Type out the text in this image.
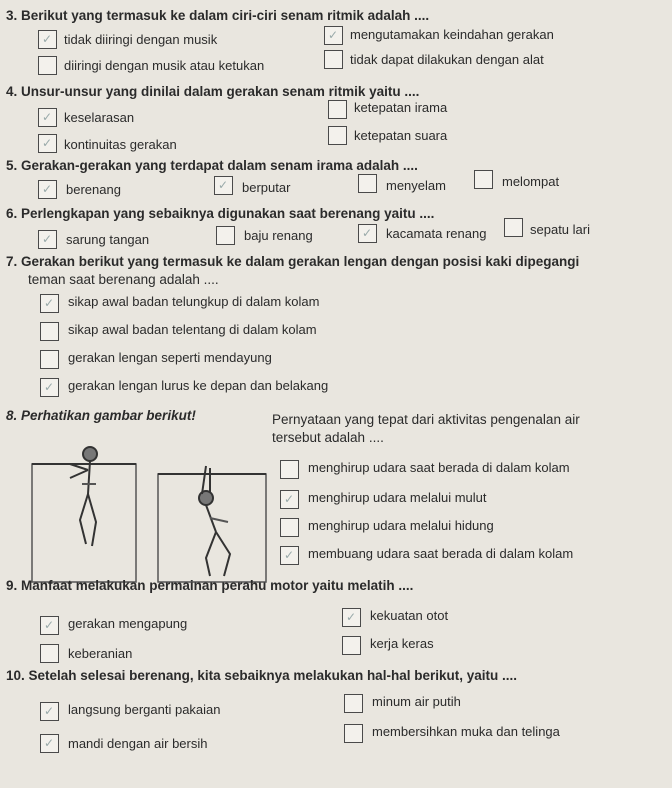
3. Berikut yang termasuk ke dalam ciri-ciri senam ritmik adalah ....
✓ tidak diiringi dengan musik	✓ mengutamakan keindahan gerakan
diiringi dengan musik atau ketukan	tidak dapat dilakukan dengan alat
4. Unsur-unsur yang dinilai dalam gerakan senam ritmik yaitu ....
✓ keselarasan
ketepatan irama
✓ kontinuitas gerakan
ketepatan suara
5. Gerakan-gerakan yang terdapat dalam senam irama adalah ....
✓ berenang	✓ berputar	menyelam	melompat
6. Perlengkapan yang sebaiknya digunakan saat berenang yaitu ....
✓ sarung tangan	baju renang	✓ kacamata renang	sepatu lari
7. Gerakan berikut yang termasuk ke dalam gerakan lengan dengan posisi kaki dipegangi
teman saat berenang adalah ....
✓ sikap awal badan telungkup di dalam kolam
sikap awal badan telentang di dalam kolam
gerakan lengan seperti mendayung
✓ gerakan lengan lurus ke depan dan belakang
8. Perhatikan gambar berikut!	Pernyataan yang tepat dari aktivitas pengenalan air
tersebut adalah ....
menghirup udara saat berada di dalam kolam
✓ menghirup udara melalui mulut
menghirup udara melalui hidung
✓ membuang udara saat berada di dalam kolam
9. Manfaat melakukan permainan perahu motor yaitu melatih ....
✓ gerakan mengapung	✓ kekuatan otot
keberanian
kerja keras
10. Setelah selesai berenang, kita sebaiknya melakukan hal-hal berikut, yaitu ....
✓ langsung berganti pakaian
minum air putih
✓ mandi dengan air bersih
membersihkan muka dan telinga
